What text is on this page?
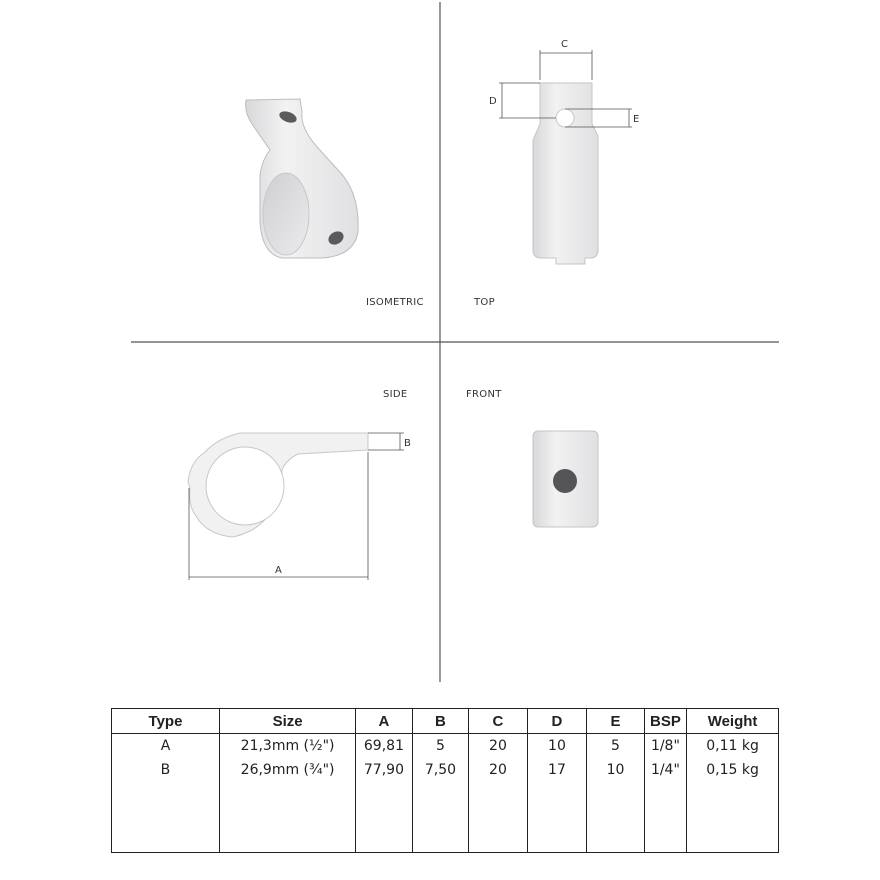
ISOMETRIC
C
D
E
TOP
B
A
SIDE	FRONT
Type	Size	A	B	C	D	E	BSP	Weight
A	21,3mm (½")	69,81	5	20	10	5	1/8"	0,11 kg
B	26,9mm (¾")	77,90	7,50	20	17	10	1/4"	0,15 kg
